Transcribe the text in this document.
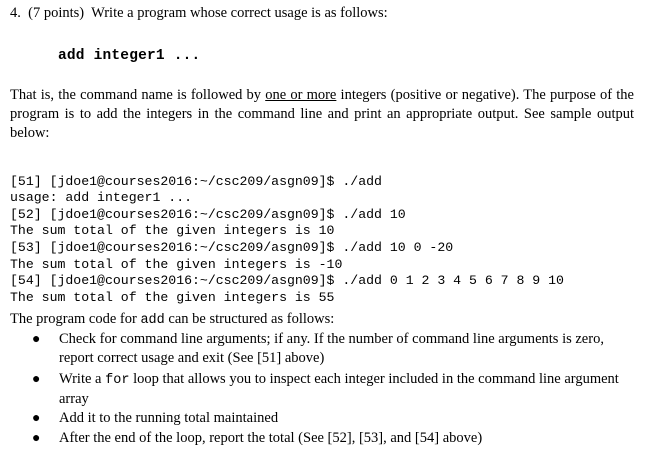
4. (7 points) Write a program whose correct usage is as follows:
add integer1 ...
That is, the command name is followed by one or more integers (positive or negative). The purpose of the program is to add the integers in the command line and print an appropriate output. See sample output below:

[51] [jdoe1@courses2016:~/csc209/asgn09]$ ./add
usage: add integer1 ...
[52] [jdoe1@courses2016:~/csc209/asgn09]$ ./add 10
The sum total of the given integers is 10
[53] [jdoe1@courses2016:~/csc209/asgn09]$ ./add 10 0 -20
The sum total of the given integers is -10
[54] [jdoe1@courses2016:~/csc209/asgn09]$ ./add 0 1 2 3 4 5 6 7 8 9 10
The sum total of the given integers is 55

The program code for add can be structured as follows:
● Check for command line arguments; if any. If the number of command line arguments is zero, report correct usage and exit (See [51] above)
● Write a for loop that allows you to inspect each integer included in the command line argument array
● Add it to the running total maintained
● After the end of the loop, report the total (See [52], [53], and [54] above)
